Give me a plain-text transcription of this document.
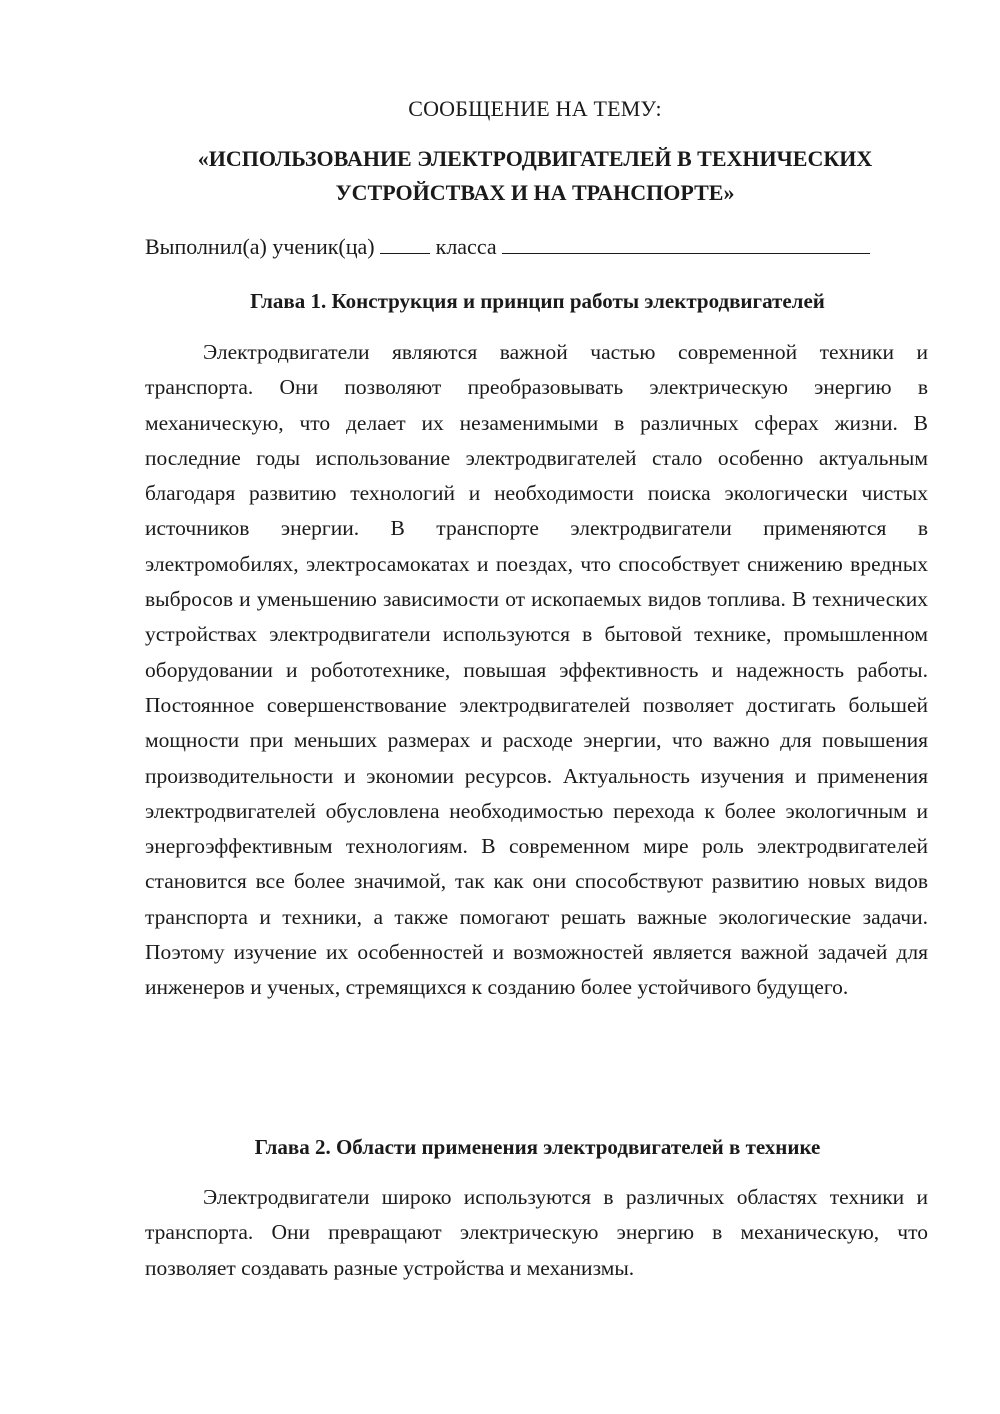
СООБЩЕНИЕ НА ТЕМУ:
«ИСПОЛЬЗОВАНИЕ ЭЛЕКТРОДВИГАТЕЛЕЙ В ТЕХНИЧЕСКИХ
УСТРОЙСТВАХ И НА ТРАНСПОРТЕ»
Выполнил(а) ученик(ца)	класса
Глава 1. Конструкция и принцип работы электродвигателей

Электродвигатели являются важной частью современной техники и транспорта. Они позволяют преобразовывать электрическую энергию в механическую, что делает их незаменимыми в различных сферах жизни. В последние годы использование электродвигателей стало особенно актуальным благодаря развитию технологий и необходимости поиска экологически чистых источников энергии. В транспорте электродвигатели применяются в электромобилях, электросамокатах и поездах, что способствует снижению вредных выбросов и уменьшению зависимости от ископаемых видов топлива. В технических устройствах электродвигатели используются в бытовой технике, промышленном оборудовании и робототехнике, повышая эффективность и надежность работы. Постоянное совершенствование электродвигателей позволяет достигать большей мощности при меньших размерах и расходе энергии, что важно для повышения производительности и экономии ресурсов. Актуальность изучения и применения электродвигателей обусловлена необходимостью перехода к более экологичным и энергоэффективным технологиям. В современном мире роль электродвигателей становится все более значимой, так как они способствуют развитию новых видов транспорта и техники, а также помогают решать важные экологические задачи. Поэтому изучение их особенностей и возможностей является важной задачей для инженеров и ученых, стремящихся к созданию более устойчивого будущего.

Глава 2. Области применения электродвигателей в технике

Электродвигатели широко используются в различных областях техники и транспорта. Они превращают электрическую энергию в механическую, что позволяет создавать разные устройства и механизмы.
